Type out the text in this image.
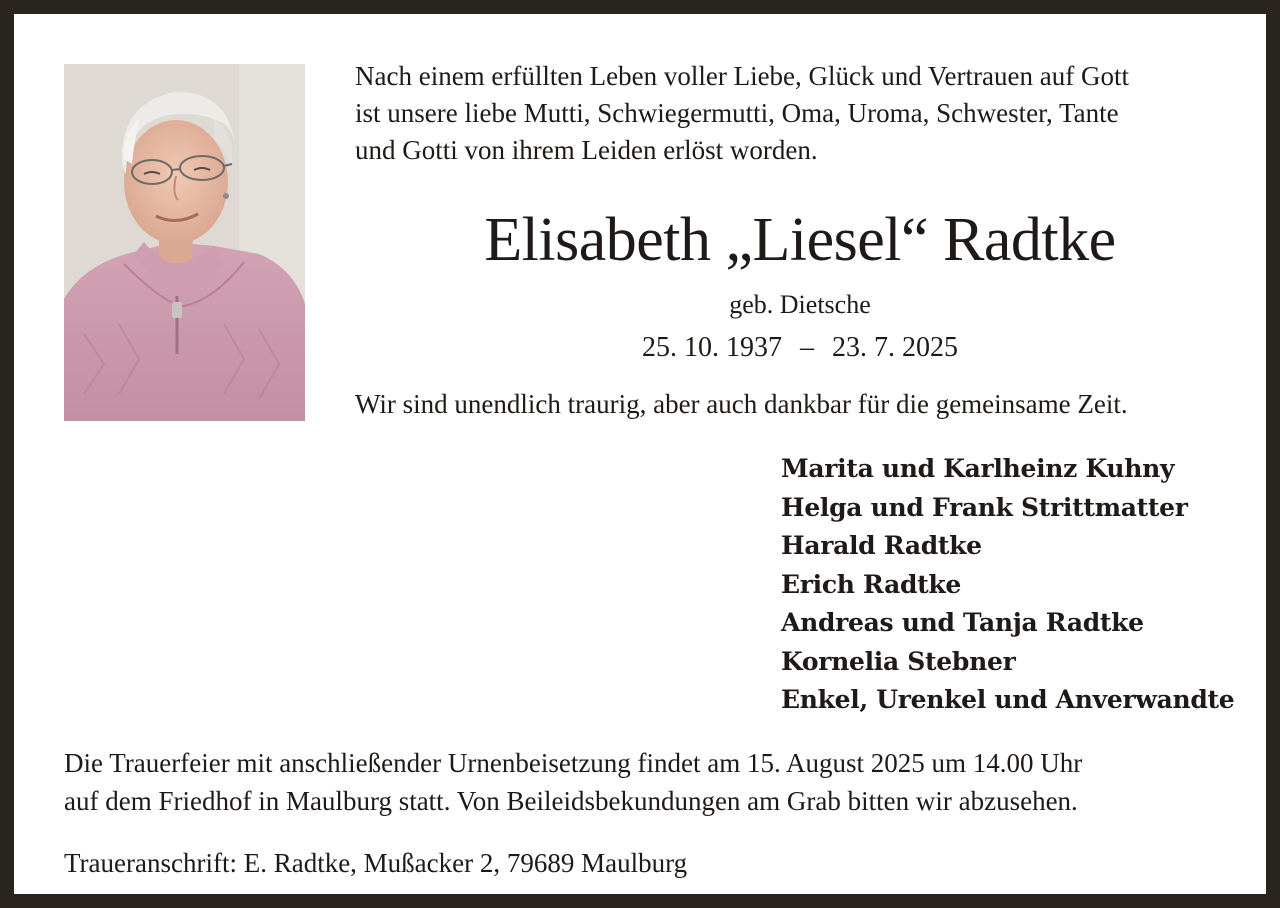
Nach einem erfüllten Leben voller Liebe, Glück und Vertrauen auf Gott
ist unsere liebe Mutti, Schwiegermutti, Oma, Uroma, Schwester, Tante
und Gotti von ihrem Leiden erlöst worden.
Elisabeth „Liesel“ Radtke
geb. Dietsche
25. 10. 1937 – 23. 7. 2025
Wir sind unendlich traurig, aber auch dankbar für die gemeinsame Zeit.
Marita und Karlheinz Kuhny
Helga und Frank Strittmatter
Harald Radtke
Erich Radtke
Andreas und Tanja Radtke
Kornelia Stebner
Enkel, Urenkel und Anverwandte
Die Trauerfeier mit anschließender Urnenbeisetzung findet am 15. August 2025 um 14.00 Uhr
auf dem Friedhof in Maulburg statt. Von Beileidsbekundungen am Grab bitten wir abzusehen.
Traueranschrift: E. Radtke, Mußacker 2, 79689 Maulburg
